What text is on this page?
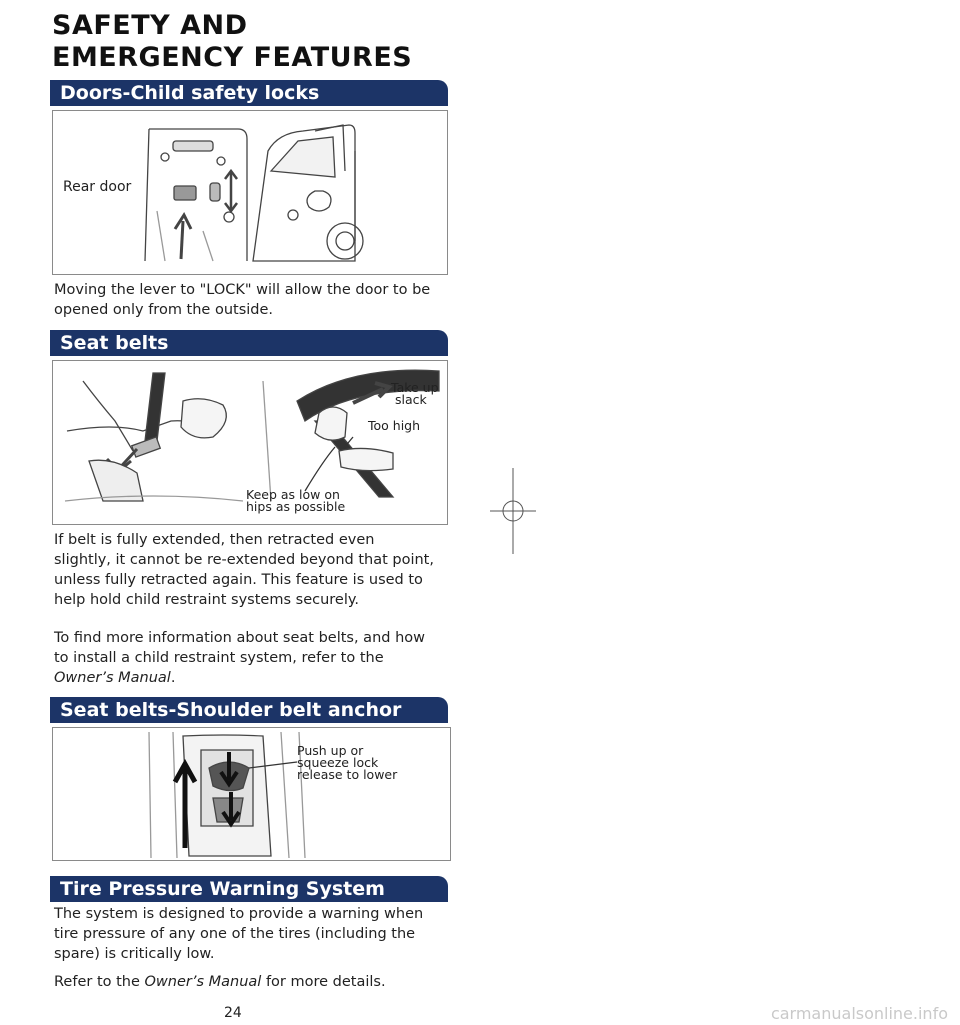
SAFETY AND
EMERGENCY FEATURES
Doors-Child safety locks
Rear door
Moving the lever to "LOCK" will allow the door to be opened only from the outside.
Seat belts
Take up
slack
Too high
Keep as low on
hips as possible
If belt is fully extended, then retracted even
slightly, it cannot be re-extended beyond that point,
unless fully retracted again. This feature is used to
help hold child restraint systems securely.
To find more information about seat belts, and how
to install a child restraint system, refer to the
Owner’s Manual.
Seat belts-Shoulder belt anchor
Push up or
squeeze lock
release to lower
Tire Pressure Warning System
The system is designed to provide a warning when
tire pressure of any one of the tires (including the
spare) is critically low.
Refer to the Owner’s Manual for more details.
24	carmanualsonline.info
